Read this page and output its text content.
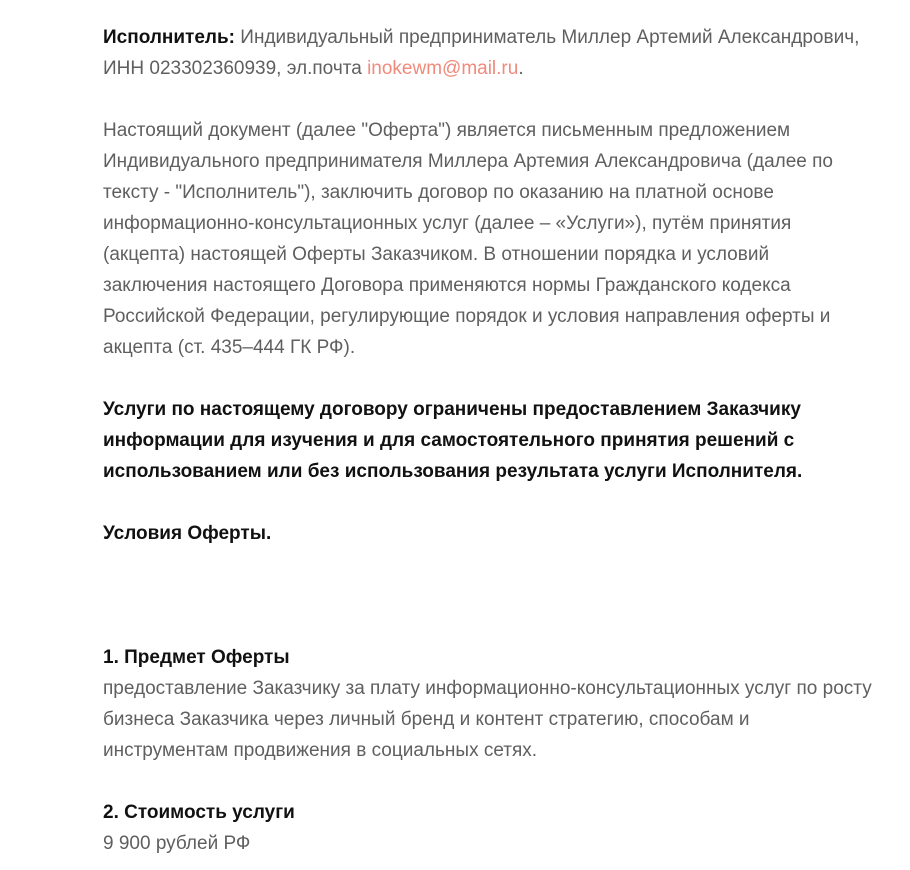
Исполнитель: Индивидуальный предприниматель Миллер Артемий Александрович, ИНН 023302360939, эл.почта inokewm@mail.ru.

Настоящий документ (далее "Оферта") является письменным предложением Индивидуального предпринимателя Миллера Артемия Александровича (далее по тексту - "Исполнитель"), заключить договор по оказанию на платной основе информационно-консультационных услуг (далее – «Услуги»), путём принятия (акцепта) настоящей Оферты Заказчиком. В отношении порядка и условий заключения настоящего Договора применяются нормы Гражданского кодекса Российской Федерации, регулирующие порядок и условия направления оферты и акцепта (ст. 435–444 ГК РФ).

Услуги по настоящему договору ограничены предоставлением Заказчику информации для изучения и для самостоятельного принятия решений с использованием или без использования результата услуги Исполнителя.

Условия Оферты.

1. Предмет Оферты

предоставление Заказчику за плату информационно-консультационных услуг по росту бизнеса Заказчика через личный бренд и контент стратегию, способам и инструментам продвижения в социальных сетях.

2. Стоимость услуги

9 900 рублей РФ
